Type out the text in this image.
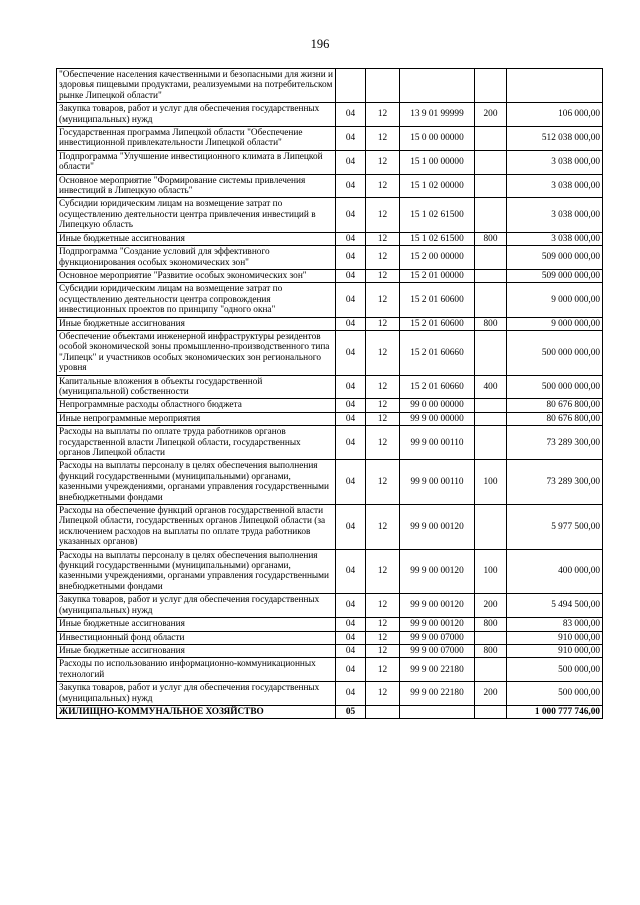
196
"Обеспечение населения качественными и безопасными для жизни и здоровья пищевыми продуктами, реализуемыми на потребительском рынке Липецкой области"					
Закупка товаров, работ и услуг для обеспечения государственных (муниципальных) нужд	04	12	13 9 01 99999	200	106 000,00
Государственная программа Липецкой области "Обеспечение инвестиционной привлекательности Липецкой области"	04	12	15 0 00 00000		512 038 000,00
Подпрограмма "Улучшение инвестиционного климата в Липецкой области"	04	12	15 1 00 00000		3 038 000,00
Основное мероприятие "Формирование системы привлечения инвестиций в Липецкую область"	04	12	15 1 02 00000		3 038 000,00
Субсидии юридическим лицам на возмещение затрат по осуществлению деятельности центра привлечения инвестиций в Липецкую область	04	12	15 1 02 61500		3 038 000,00
Иные бюджетные ассигнования	04	12	15 1 02 61500	800	3 038 000,00
Подпрограмма "Создание условий для эффективного функционирования особых экономических зон"	04	12	15 2 00 00000		509 000 000,00
Основное мероприятие "Развитие особых экономических зон"	04	12	15 2 01 00000		509 000 000,00
Субсидии юридическим лицам на возмещение затрат по осуществлению деятельности центра сопровождения инвестиционных проектов по принципу "одного окна"	04	12	15 2 01 60600		9 000 000,00
Иные бюджетные ассигнования	04	12	15 2 01 60600	800	9 000 000,00
Обеспечение объектами инженерной инфраструктуры резидентов особой экономической зоны промышленно-производственного типа "Липецк" и участников особых экономических зон регионального уровня	04	12	15 2 01 60660		500 000 000,00
Капитальные вложения в объекты государственной (муниципальной) собственности	04	12	15 2 01 60660	400	500 000 000,00
Непрограммные расходы областного бюджета	04	12	99 0 00 00000		80 676 800,00
Иные непрограммные мероприятия	04	12	99 9 00 00000		80 676 800,00
Расходы на выплаты по оплате труда работников органов государственной власти Липецкой области, государственных органов Липецкой области	04	12	99 9 00 00110		73 289 300,00
Расходы на выплаты персоналу в целях обеспечения выполнения функций государственными (муниципальными) органами, казенными учреждениями, органами управления государственными внебюджетными фондами	04	12	99 9 00 00110	100	73 289 300,00
Расходы на обеспечение функций органов государственной власти Липецкой области, государственных органов Липецкой области (за исключением расходов на выплаты по оплате труда работников указанных органов)	04	12	99 9 00 00120		5 977 500,00
Расходы на выплаты персоналу в целях обеспечения выполнения функций государственными (муниципальными) органами, казенными учреждениями, органами управления государственными внебюджетными фондами	04	12	99 9 00 00120	100	400 000,00
Закупка товаров, работ и услуг для обеспечения государственных (муниципальных) нужд	04	12	99 9 00 00120	200	5 494 500,00
Иные бюджетные ассигнования	04	12	99 9 00 00120	800	83 000,00
Инвестиционный фонд области	04	12	99 9 00 07000		910 000,00
Иные бюджетные ассигнования	04	12	99 9 00 07000	800	910 000,00
Расходы по использованию информационно-коммуникационных технологий	04	12	99 9 00 22180		500 000,00
Закупка товаров, работ и услуг для обеспечения государственных (муниципальных) нужд	04	12	99 9 00 22180	200	500 000,00
ЖИЛИЩНО-КОММУНАЛЬНОЕ ХОЗЯЙСТВО	05				1 000 777 746,00
